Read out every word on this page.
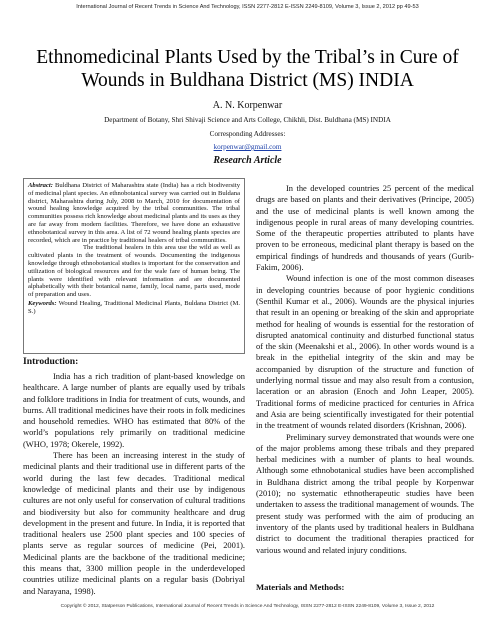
International Journal of Recent Trends in Science And Technology, ISSN 2277-2812 E-ISSN 2249-8109, Volume 3, Issue 2, 2012 pp 49-53
Ethnomedicinal Plants Used by the Tribal’s in Cure of
Wounds in Buldhana District (MS) INDIA
A. N. Korpenwar
Department of Botany, Shri Shivaji Science and Arts College, Chikhli, Dist. Buldhana (MS) INDIA
Corresponding Addresses:
korpenwar@gmail.com
Research Article

Abstract: Buldhana District of Maharashtra state (India) has a rich biodiversity of medicinal plant species. An ethnobotanical survey was carried out in Buldana district, Maharashtra during July, 2008 to March, 2010 for documentation of wound healing knowledge acquired by the tribal communities. The tribal communities possess rich knowledge about medicinal plants and its uses as they are far away from modern facilities. Therefore, we have done an exhaustive ethnobotanical survey in this area. A list of 72 wound healing plants species are recorded, which are in practice by traditional healers of tribal communities.

The traditional healers in this area use the wild as well as cultivated plants in the treatment of wounds. Documenting the indigenous knowledge through ethnobotanical studies is important for the conservation and utilization of biological resources and for the wale fare of human being. The plants were identified with relevant information and are documented alphabetically with their botanical name, family, local name, parts used, mode of preparation and uses.

Keywords: Wound Healing, Traditional Medicinal Plants, Buldana District (M. S.)

Introduction:

India has a rich tradition of plant-based knowledge on healthcare. A large number of plants are equally used by tribals and folklore traditions in India for treatment of cuts, wounds, and burns. All traditional medicines have their roots in folk medicines and household remedies. WHO has estimated that 80% of the world’s populations rely primarily on traditional medicine (WHO, 1978; Okerele, 1992).

There has been an increasing interest in the study of medicinal plants and their traditional use in different parts of the world during the last few decades. Traditional medical knowledge of medicinal plants and their use by indigenous cultures are not only useful for conservation of cultural traditions and biodiversity but also for community healthcare and drug development in the present and future. In India, it is reported that traditional healers use 2500 plant species and 100 species of plants serve as regular sources of medicine (Pei, 2001). Medicinal plants are the backbone of the traditional medicine; this means that, 3300 million people in the underdeveloped countries utilize medicinal plants on a regular basis (Dobriyal and Narayana, 1998).

In the developed countries 25 percent of the medical drugs are based on plants and their derivatives (Principe, 2005) and the use of medicinal plants is well known among the indigenous people in rural areas of many developing countries. Some of the therapeutic properties attributed to plants have proven to be erroneous, medicinal plant therapy is based on the empirical findings of hundreds and thousands of years (Gurib-Fakim, 2006).

Wound infection is one of the most common diseases in developing countries because of poor hygienic conditions (Senthil Kumar et al., 2006). Wounds are the physical injuries that result in an opening or breaking of the skin and appropriate method for healing of wounds is essential for the restoration of disrupted anatomical continuity and disturbed functional status of the skin (Meenakshi et al., 2006). In other words wound is a break in the epithelial integrity of the skin and may be accompanied by disruption of the structure and function of underlying normal tissue and may also result from a contusion, laceration or an abrasion (Enoch and John Leaper, 2005). Traditional forms of medicine practiced for centuries in Africa and Asia are being scientifically investigated for their potential in the treatment of wounds related disorders (Krishnan, 2006).

Preliminary survey demonstrated that wounds were one of the major problems among these tribals and they prepared herbal medicines with a number of plants to heal wounds. Although some ethnobotanical studies have been accomplished in Buldhana district among the tribal people by Korpenwar (2010); no systematic ethnotherapeutic studies have been undertaken to assess the traditional management of wounds. The present study was performed with the aim of producing an inventory of the plants used by traditional healers in Buldhana district to document the traditional therapies practiced for various wound and related injury conditions.

Materials and Methods:
Copyright © 2012, Statperson Publications, International Journal of Recent Trends in Science And Technology, ISSN 2277-2812 E-ISSN 2249-8109, Volume 3, Issue 2, 2012
